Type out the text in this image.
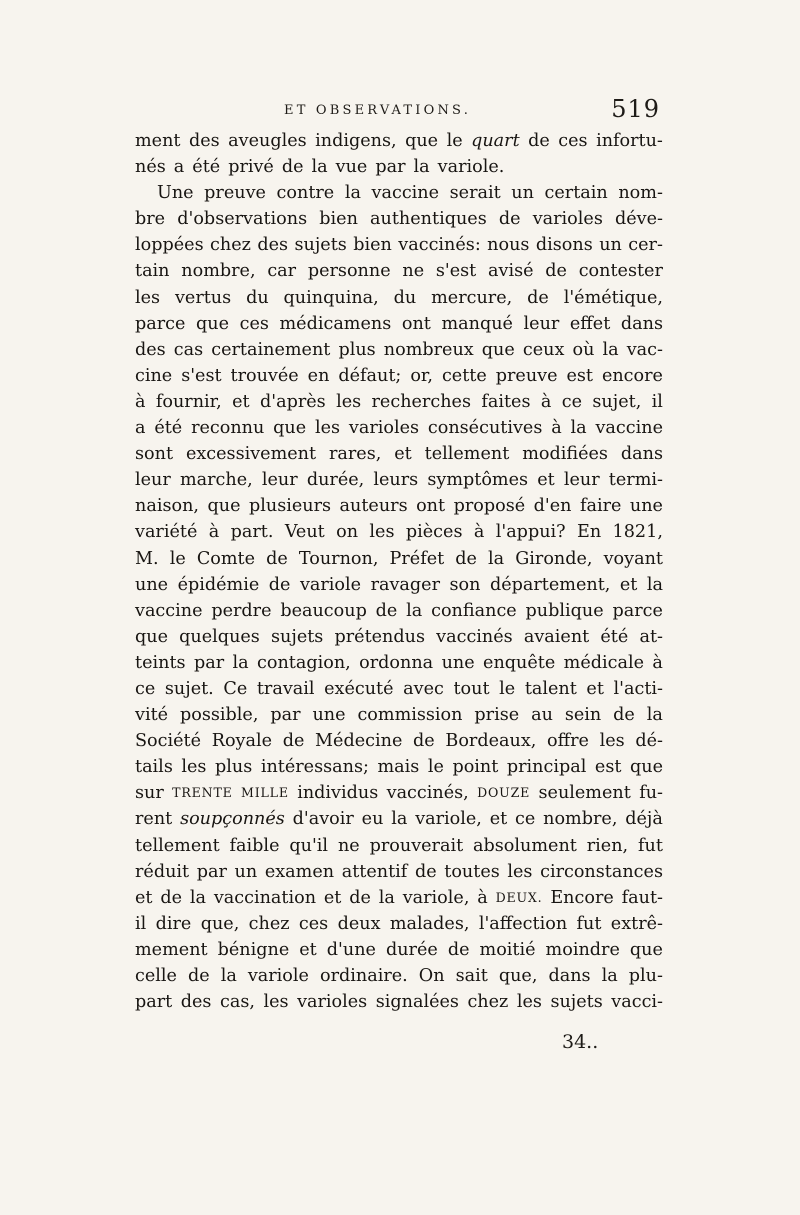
ET OBSERVATIONS.	519
ment des aveugles indigens, que le quart de ces infortu-
nés a été privé de la vue par la variole.
Une preuve contre la vaccine serait un certain nom-
bre d'observations bien authentiques de varioles déve-
loppées chez des sujets bien vaccinés: nous disons un cer-
tain nombre, car personne ne s'est avisé de contester
les vertus du quinquina, du mercure, de l'émétique,
parce que ces médicamens ont manqué leur effet dans
des cas certainement plus nombreux que ceux où la vac-
cine s'est trouvée en défaut; or, cette preuve est encore
à fournir, et d'après les recherches faites à ce sujet, il
a été reconnu que les varioles consécutives à la vaccine
sont excessivement rares, et tellement modifiées dans
leur marche, leur durée, leurs symptômes et leur termi-
naison, que plusieurs auteurs ont proposé d'en faire une
variété à part. Veut on les pièces à l'appui? En 1821,
M. le Comte de Tournon, Préfet de la Gironde, voyant
une épidémie de variole ravager son département, et la
vaccine perdre beaucoup de la confiance publique parce
que quelques sujets prétendus vaccinés avaient été at-
teints par la contagion, ordonna une enquête médicale à
ce sujet. Ce travail exécuté avec tout le talent et l'acti-
vité possible, par une commission prise au sein de la
Société Royale de Médecine de Bordeaux, offre les dé-
tails les plus intéressans; mais le point principal est que
sur TRENTE MILLE individus vaccinés, DOUZE seulement fu-
rent soupçonnés d'avoir eu la variole, et ce nombre, déjà
tellement faible qu'il ne prouverait absolument rien, fut
réduit par un examen attentif de toutes les circonstances
et de la vaccination et de la variole, à DEUX. Encore faut-
il dire que, chez ces deux malades, l'affection fut extrê-
mement bénigne et d'une durée de moitié moindre que
celle de la variole ordinaire. On sait que, dans la plu-
part des cas, les varioles signalées chez les sujets vacci-
34..
